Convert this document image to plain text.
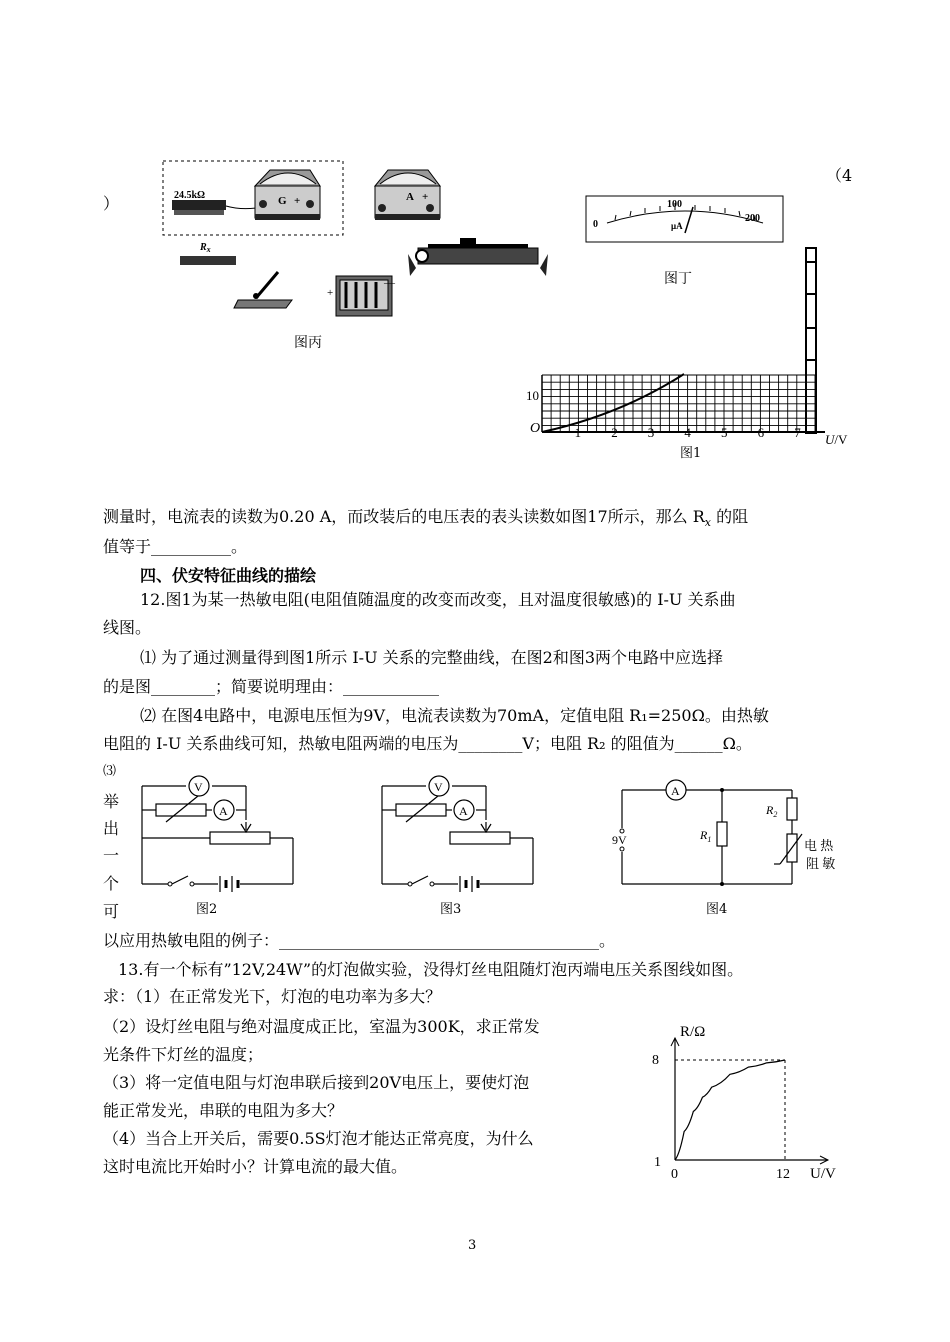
（4
）	24.5kΩ	G +	A +
$R_x$
+
—
图丙
0
100
200
μA
图丁
O
10
1 2 3 4 5 6 7 U/V
图1
测量时，电流表的读数为0.20 A，而改装后的电压表的表头读数如图17所示，那么 $R_x$ 的阻
值等于__________。
四、伏安特征曲线的描绘
12.图1为某一热敏电阻(电阻值随温度的改变而改变，且对温度很敏感)的 I-U 关系曲
线图。
⑴ 为了通过测量得到图1所示 I-U 关系的完整曲线，在图2和图3两个电路中应选择
的是图________；简要说明理由：____________
⑵ 在图4电路中，电源电压恒为9V，电流表读数为70mA，定值电阻 R₁=250Ω。由热敏
电阻的 I-U 关系曲线可知，热敏电阻两端的电压为________V；电阻 R₂ 的阻值为______Ω。
⑶
举
出
一
个
可
V
A
图2
V
A
图3
A
9V	$R_1$
$R_2$
电 热
阻 敏
图4
以应用热敏电阻的例子：________________________________________。
13.有一个标有”12V,24W”的灯泡做实验，没得灯丝电阻随灯泡丙端电压关系图线如图。
求：（1）在正常发光下，灯泡的电功率为多大？
（2）设灯丝电阻与绝对温度成正比，室温为300K，求正常发
光条件下灯丝的温度；
（3）将一定值电阻与灯泡串联后接到20V电压上，要使灯泡
能正常发光，串联的电阻为多大？
（4）当合上开关后，需要0.5S灯泡才能达正常亮度，为什么
这时电流比开始时小？计算电流的最大值。
R/Ω
U/V
8
1
0	12
3
